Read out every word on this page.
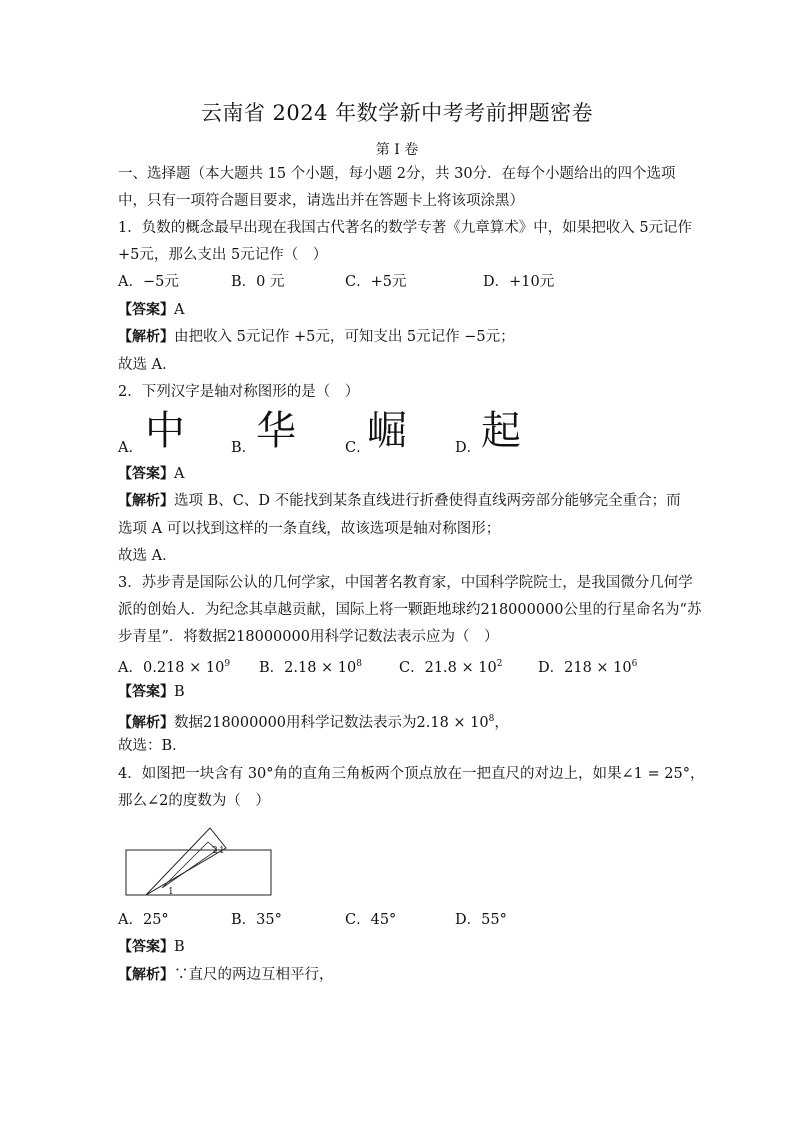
云南省 2024 年数学新中考考前押题密卷
第 I 卷
一、选择题（本大题共 15 个小题，每小题 2分，共 30分．在每个小题给出的四个选项
中，只有一项符合题目要求，请选出并在答题卡上将该项涂黑）
1．负数的概念最早出现在我国古代著名的数学专著《九章算术》中，如果把收入 5元记作
+5元，那么支出 5元记作（　）
A．−5元	B．0 元	C．+5元	D．+10元
【答案】A
【解析】由把收入 5元记作 +5元，可知支出 5元记作 −5元；
故选 A．
2．下列汉字是轴对称图形的是（　）
A． 中	B． 华	C．
崛	D． 起
【答案】A
【解析】选项 B、C、D 不能找到某条直线进行折叠使得直线两旁部分能够完全重合；而
选项 A 可以找到这样的一条直线，故该选项是轴对称图形；
故选 A．
3．苏步青是国际公认的几何学家，中国著名教育家，中国科学院院士，是我国微分几何学
派的创始人．为纪念其卓越贡献，国际上将一颗距地球约218000000公里的行星命名为“苏
步青星”．将数据218000000用科学记数法表示应为（　）
A．$0.218 \times 10^9$ B．$2.18 \times 10^8$	C．$21.8 \times 10^2$ D．$218 \times 10^6$
【答案】B
【解析】数据218000000用科学记数法表示为$2.18 \times 10^8$，
故选：B．
4．如图把一块含有 30°角的直角三角板两个顶点放在一把直尺的对边上，如果∠1 = 25°，
那么∠2的度数为（　）
1
2 1
A．25°	B．35°	C．45°	D．55°
【答案】B
【解析】∵直尺的两边互相平行，
